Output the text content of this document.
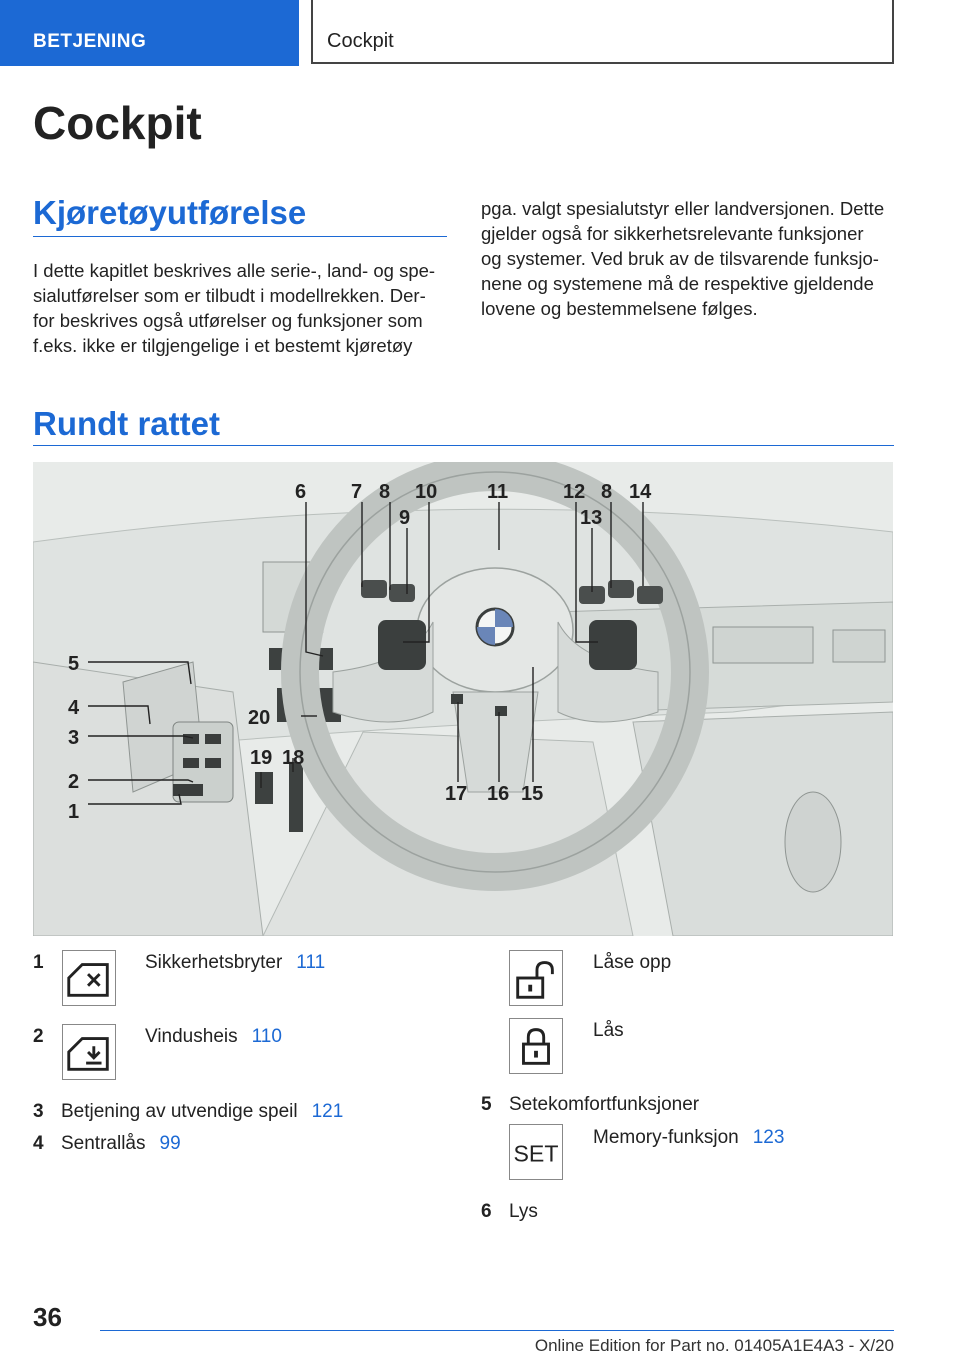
BETJENING	Cockpit
Cockpit
Kjøretøyutførelse

I dette kapitlet beskrives alle serie-, land- og spe-
sialutførelser som er tilbudt i modellrekken. Der-
for beskrives også utførelser og funksjoner som
f.eks. ikke er tilgjengelige i et bestemt kjøretøy

pga. valgt spesialutstyr eller landversjonen. Dette
gjelder også for sikkerhetsrelevante funksjoner
og systemer. Ved bruk av de tilsvarende funksjo-
nene og systemene må de respektive gjeldende
lovene og bestemmelsene følges.

Rundt rattet
1
2
3
4
5
6 7 8
9
10 11	12 8
13
14
15
16
17
18
19
20
1	Sikkerhetsbryter 111
2	Vindusheis 110
3 Betjening av utvendige speil 121
4 Sentrallås 99
Låse opp
Lås
5 Setekomfortfunksjoner
SET
Memory-funksjon 123
6 Lys
36
Online Edition for Part no. 01405A1E4A3 - X/20
